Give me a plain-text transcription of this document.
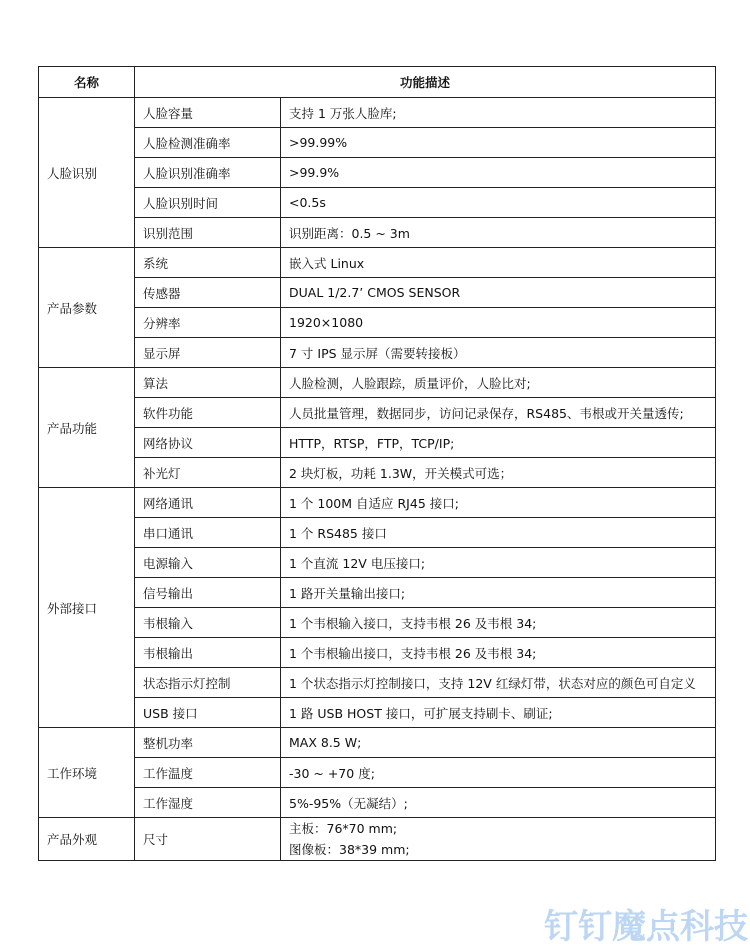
名称	功能描述	
人脸识别	人脸容量	支持 1 万张人脸库;
	人脸检测准确率	>99.99%
	人脸识别准确率	>99.9%
	人脸识别时间	<0.5s
	识别范围	识别距离：0.5 ~ 3m
产品参数	系统	嵌入式 Linux
	传感器	DUAL 1/2.7’ CMOS SENSOR
	分辨率	1920×1080
	显示屏	7 寸 IPS 显示屏（需要转接板）
产品功能	算法	人脸检测，人脸跟踪，质量评价，人脸比对;
	软件功能	人员批量管理，数据同步，访问记录保存，RS485、韦根或开关量透传;
	网络协议	HTTP，RTSP，FTP，TCP/IP;
	补光灯	2 块灯板，功耗 1.3W，开关模式可选；
外部接口	网络通讯	1 个 100M 自适应 RJ45 接口;
	串口通讯	1 个 RS485 接口
	电源输入	1 个直流 12V 电压接口;
	信号输出	1 路开关量输出接口;
	韦根输入	1 个韦根输入接口，支持韦根 26 及韦根 34;
	韦根输出	1 个韦根输出接口，支持韦根 26 及韦根 34;
	状态指示灯控制	1 个状态指示灯控制接口，支持 12V 红绿灯带，状态对应的颜色可自定义
	USB 接口	1 路 USB HOST 接口，可扩展支持刷卡、刷证;
工作环境	整机功率	MAX 8.5 W;
	工作温度	-30 ~ +70 度;
	工作湿度	5%-95%（无凝结）;
产品外观	尺寸	主板：76*70 mm;
图像板：38*39 mm;
钉钉魔点科技
